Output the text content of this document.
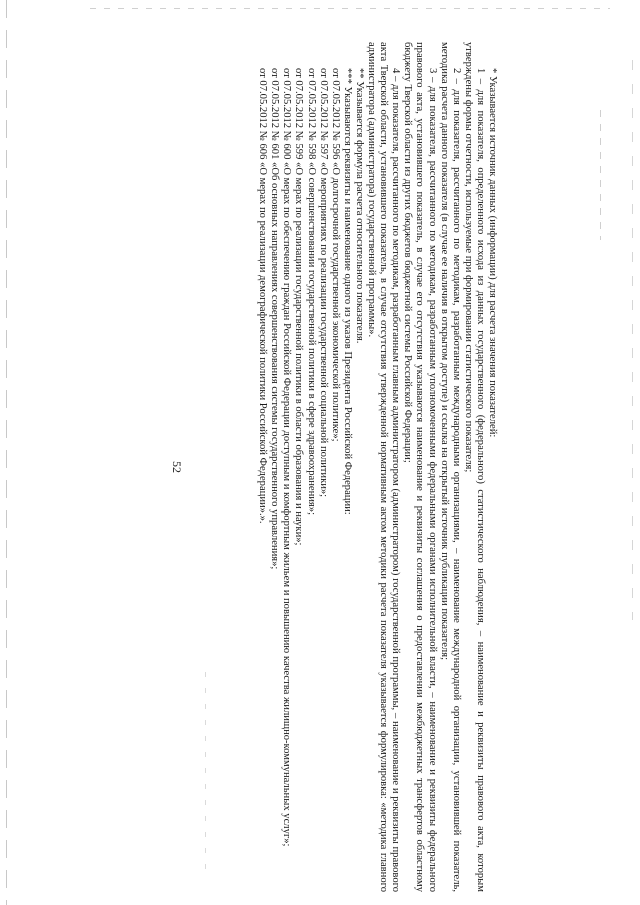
* Указывается источник данных (информации) для расчета значения показателей:

1 – для показателя, определенного исхода из данных государственного (федерального) статистического наблюдения, – наименование и реквизиты правового акта, которым утверждены формы отчетности, используемые при формировании статистического показателя;

2 – для показателя, рассчитанного по методикам, разработанным международными организациями, – наименование международной организации, установившей показатель, методика расчета данного показателя (в случае ее наличия в открытом доступе) и ссылка на открытый источник публикации показателя;

3 – для показателя, рассчитанного по методикам, разработанным уполномоченными федеральными органами исполнительной власти, – наименование и реквизиты федерального правового акта, установившего показатель, в случае его отсутствия указываются наименование и реквизиты соглашения о предоставлении межбюджетных трансфертов областному бюджету Тверской области из других бюджетов бюджетной системы Российской Федерации;

4 – для показателя, рассчитанного по методикам, разработанным главным администратором (администратором) государственной программы, – наименование и реквизиты правового акта Тверской области, установившего показатель, в случае отсутствия утвержденной нормативным актом методики расчета показателя указывается формулировка: «методика главного администратора (администратора) государственной программы».

** Указывается формула расчета относительного показателя.

*** Указываются реквизиты и наименование одного из указов Президента Российской Федерации:

от 07.05.2012 № 596 «О долгосрочной государственной экономической политике»;

от 07.05.2012 № 597 «О мероприятиях по реализации государственной социальной политики»;

от 07.05.2012 № 598 «О совершенствовании государственной политики в сфере здравоохранения»;

от 07.05.2012 № 599 «О мерах по реализации государственной политики в области образования и науки»;

от 07.05.2012 № 600 «О мерах по обеспечению граждан Российской Федерации доступным и комфортным жильем и повышению качества жилищно-коммунальных услуг»;

от 07.05.2012 № 601 «Об основных направлениях совершенствования системы государственного управления»;

от 07.05.2012 № 606 «О мерах по реализации демографической политики Российской Федерации».».

52
